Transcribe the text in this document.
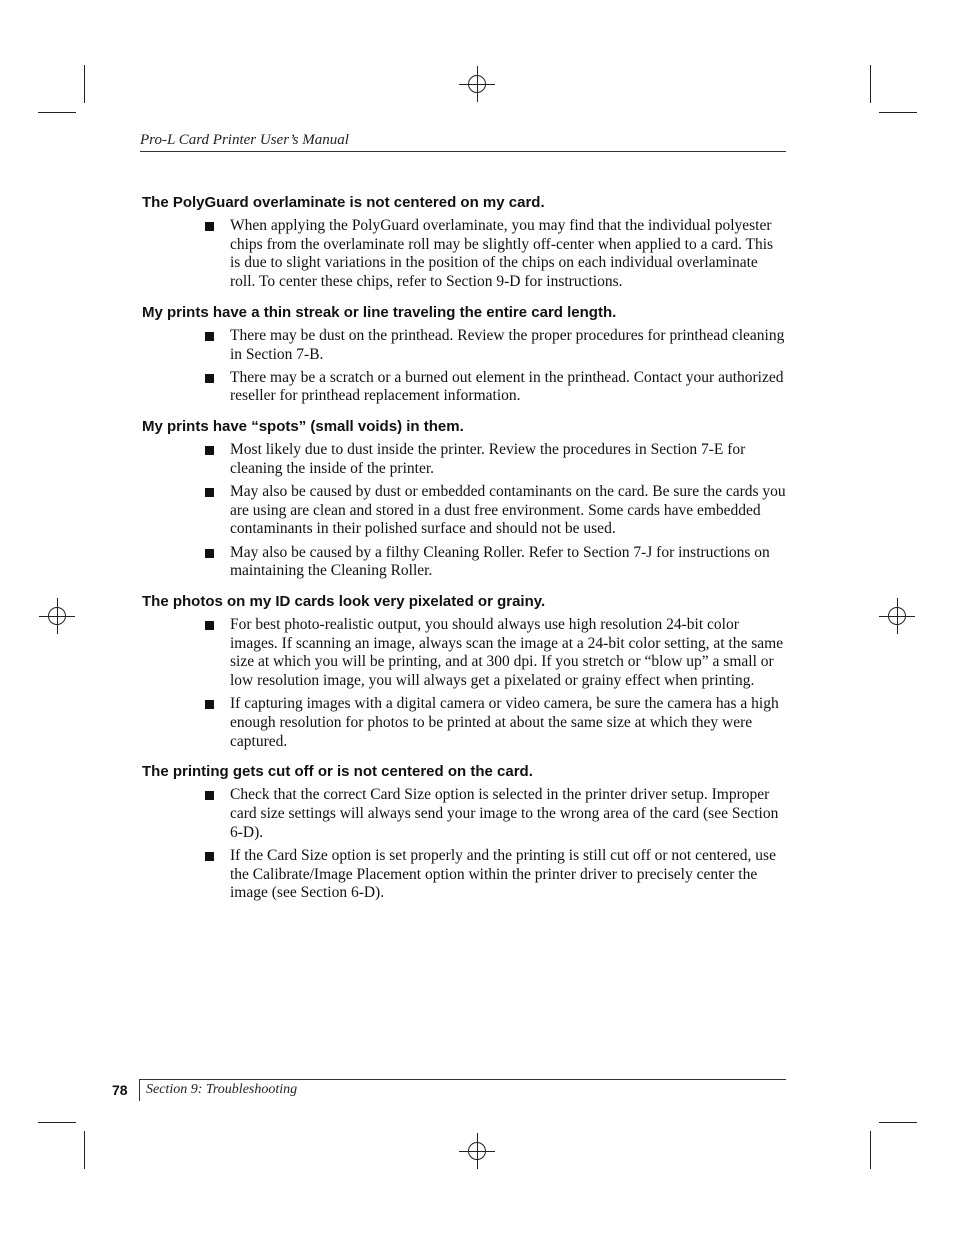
Pro-L Card Printer User’s Manual
The PolyGuard overlaminate is not centered on my card.
When applying the PolyGuard overlaminate, you may find that the individual polyester chips from the overlaminate roll may be slightly off-center when applied to a card. This is due to slight variations in the position of the chips on each individual overlaminate roll. To center these chips, refer to Section 9-D for instructions.
My prints have a thin streak or line traveling the entire card length.
There may be dust on the printhead. Review the proper procedures for printhead cleaning in Section 7-B.
There may be a scratch or a burned out element in the printhead. Contact your authorized reseller for printhead replacement information.
My prints have “spots” (small voids) in them.
Most likely due to dust inside the printer. Review the procedures in Section 7-E for cleaning the inside of the printer.
May also be caused by dust or embedded contaminants on the card. Be sure the cards you are using are clean and stored in a dust free environment. Some cards have embedded contaminants in their polished surface and should not be used.
May also be caused by a filthy Cleaning Roller. Refer to Section 7-J for instructions on maintaining the Cleaning Roller.
The photos on my ID cards look very pixelated or grainy.
For best photo-realistic output, you should always use high resolution 24-bit color images. If scanning an image, always scan the image at a 24-bit color setting, at the same size at which you will be printing, and at 300 dpi. If you stretch or “blow up” a small or low resolution image, you will always get a pixelated or grainy effect when printing.
If capturing images with a digital camera or video camera, be sure the camera has a high enough resolution for photos to be printed at about the same size at which they were captured.
The printing gets cut off or is not centered on the card.
Check that the correct Card Size option is selected in the printer driver setup. Improper card size settings will always send your image to the wrong area of the card (see Section 6-D).
If the Card Size option is set properly and the printing is still cut off or not centered, use the Calibrate/Image Placement option within the printer driver to precisely center the image (see Section 6-D).
78 Section 9: Troubleshooting
